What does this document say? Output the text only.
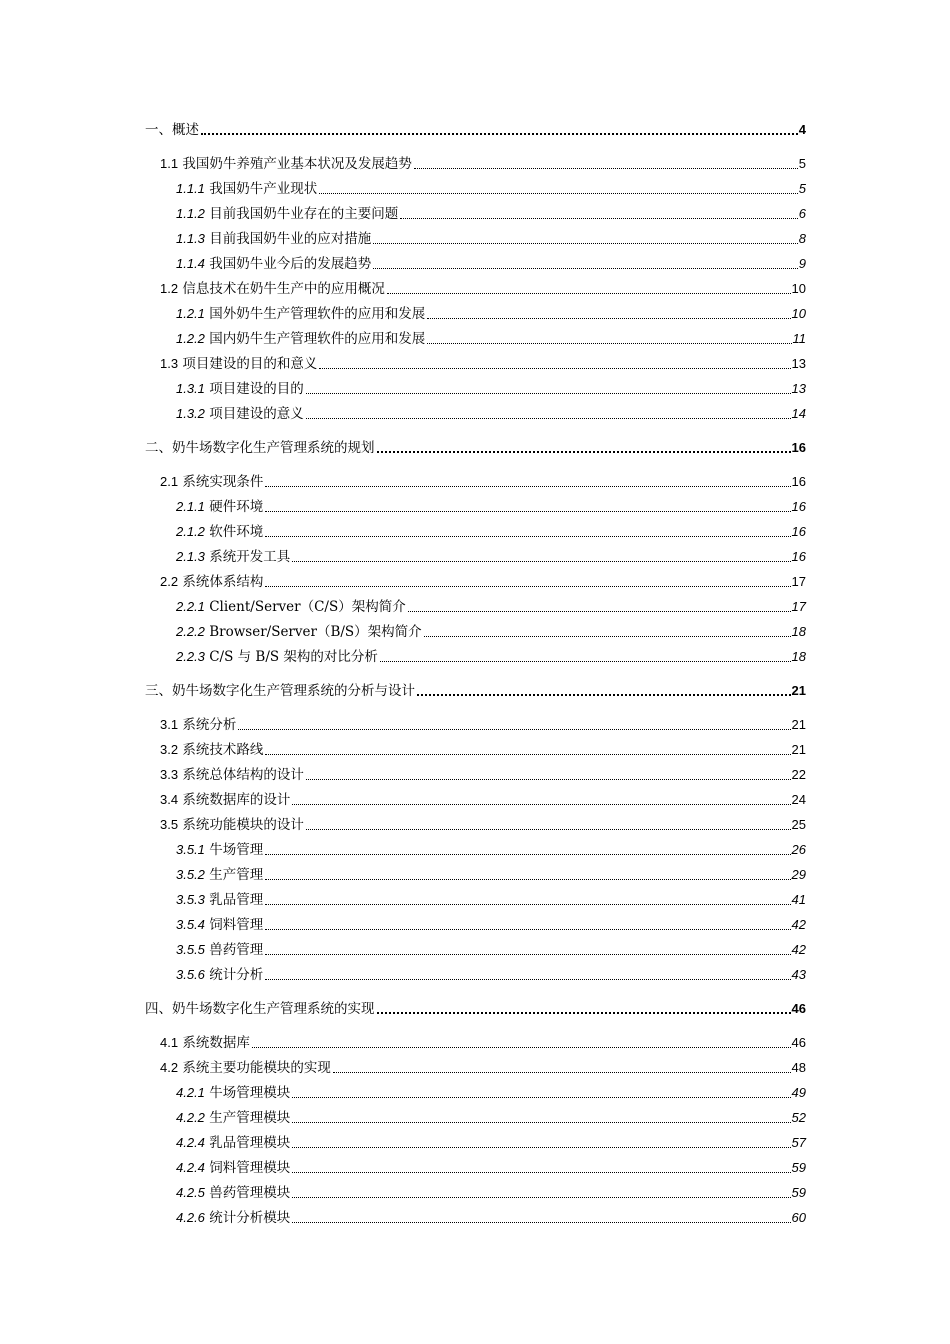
一、概述	4
1.1 我国奶牛养殖产业基本状况及发展趋势	5
1.1.1 我国奶牛产业现状	5
1.1.2 目前我国奶牛业存在的主要问题	6
1.1.3 目前我国奶牛业的应对措施	8
1.1.4 我国奶牛业今后的发展趋势	9
1.2 信息技术在奶牛生产中的应用概况	10
1.2.1 国外奶牛生产管理软件的应用和发展	10
1.2.2 国内奶牛生产管理软件的应用和发展	11
1.3 项目建设的目的和意义	13
1.3.1 项目建设的目的	13
1.3.2 项目建设的意义	14
二、奶牛场数字化生产管理系统的规划	16
2.1 系统实现条件	16
2.1.1 硬件环境	16
2.1.2 软件环境	16
2.1.3 系统开发工具	16
2.2 系统体系结构	17
2.2.1 Client/Server（C/S）架构简介	17
2.2.2 Browser/Server（B/S）架构简介	18
2.2.3 C/S 与 B/S 架构的对比分析	18
三、奶牛场数字化生产管理系统的分析与设计	21
3.1 系统分析	21
3.2 系统技术路线	21
3.3 系统总体结构的设计	22
3.4 系统数据库的设计	24
3.5 系统功能模块的设计	25
3.5.1 牛场管理	26
3.5.2 生产管理	29
3.5.3 乳品管理	41
3.5.4 饲料管理	42
3.5.5 兽药管理	42
3.5.6 统计分析	43
四、奶牛场数字化生产管理系统的实现	46
4.1 系统数据库	46
4.2 系统主要功能模块的实现	48
4.2.1 牛场管理模块	49
4.2.2 生产管理模块	52
4.2.4 乳品管理模块	57
4.2.4 饲料管理模块	59
4.2.5 兽药管理模块	59
4.2.6 统计分析模块	60
